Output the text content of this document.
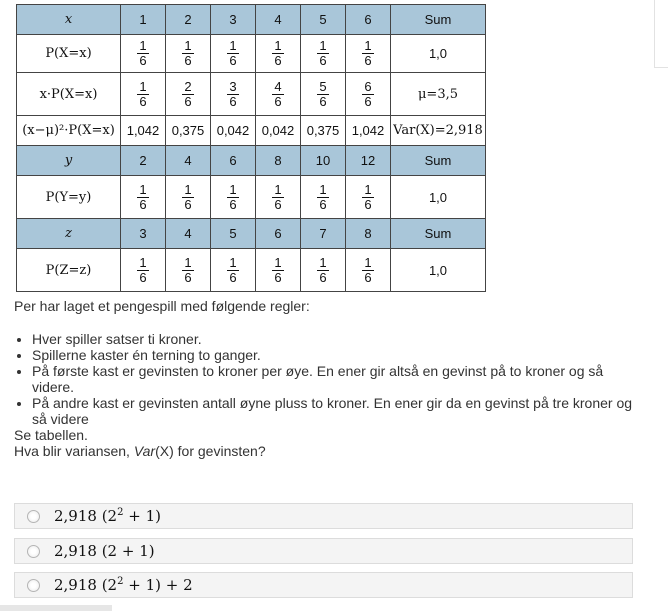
x	1	2	3	4	5	6	Sum
P(X=x)	$\frac{1}{6}$	$\frac{1}{6}$	$\frac{1}{6}$	$\frac{1}{6}$	$\frac{1}{6}$	$\frac{1}{6}$	1,0
x·P(X=x)	$\frac{1}{6}$	$\frac{2}{6}$	$\frac{3}{6}$	$\frac{4}{6}$	$\frac{5}{6}$	$\frac{6}{6}$	μ=3,5
(x−μ)²·P(X=x)	1,042	0,375	0,042	0,042	0,375	1,042	Var(X)=2,918
y	2	4	6	8	10	12	Sum
P(Y=y)	$\frac{1}{6}$	$\frac{1}{6}$	$\frac{1}{6}$	$\frac{1}{6}$	$\frac{1}{6}$	$\frac{1}{6}$	1,0
z	3	4	5	6	7	8	Sum
P(Z=z)	$\frac{1}{6}$	$\frac{1}{6}$	$\frac{1}{6}$	$\frac{1}{6}$	$\frac{1}{6}$	$\frac{1}{6}$	1,0

Per har laget et pengespill med følgende regler:

• Hver spiller satser ti kroner.
• Spillerne kaster én terning to ganger.
• På første kast er gevinsten to kroner per øye. En ener gir altså en gevinst på to kroner og så videre.
• På andre kast er gevinsten antall øyne pluss to kroner. En ener gir da en gevinst på tre kroner og så videre

Se tabellen.

Hva blir variansen, Var(X) for gevinsten?

2,918 $(2^2 + 1)$
2,918 (2 + 1)
2,918 $(2^2 + 1) + 2$
